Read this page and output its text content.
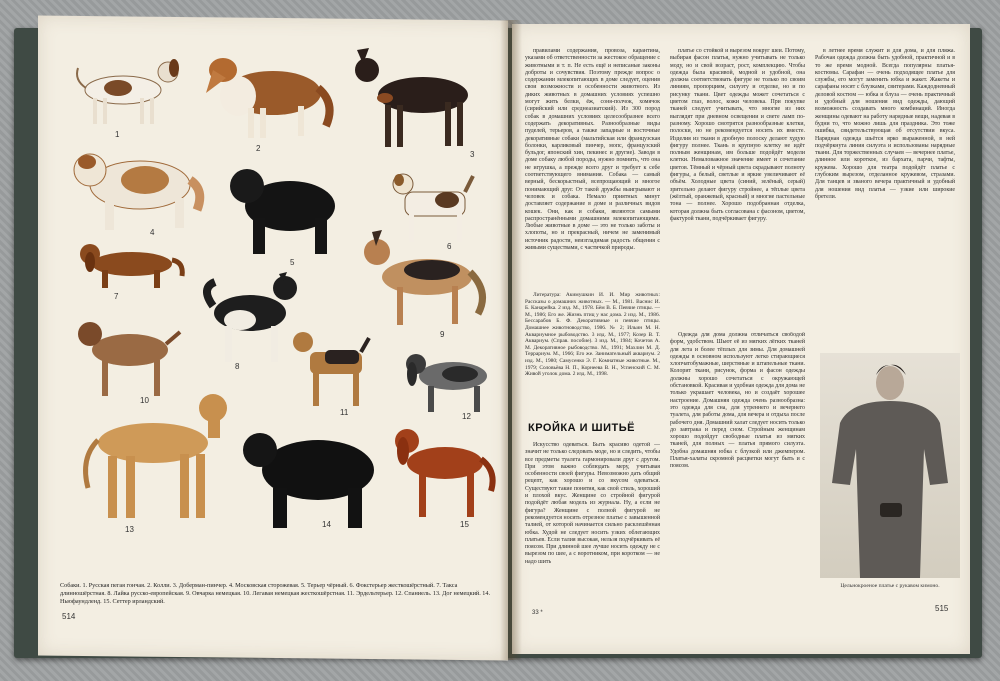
1
2
3
4
5
6
7
8
9
10
11	12
13
14	15
Собаки. 1. Русская пегая гончая. 2. Колли. 3. Доберман-пинчер. 4. Московская сторожевая. 5. Терьер чёрный. 6. Фокстерьер жесткошёрстный. 7. Такса длинношёрстная. 8. Лайка русско-европейская. 9. Овчарка немецкая. 10. Легавая немецкая жесткошёрстная. 11. Эрдельтерьер. 12. Спаниель. 13. Дог немецкий. 14. Ньюфаундленд. 15. Сеттер ирландский.
514

правилами содержания, провоза, карантина, указами об ответственности за жестокое обращение с животными и т. п. Не есть ещё и неписаные законы доброты и сочувствия. Поэтому прежде вопрос о содержании млекопитающих в доме следует, оценив свои возможности и особенности животного. Из диких животных в домашних условиях успешно могут жить белки, ёж, соня-полчок, хомячок (сирийский или среднеазиатский). Из 300 пород собак в домашних условиях целесообразнее всего содержать декоративных. Разнообразные виды пуделей, терьеров, а также западные и восточные декоративные собаки (мальтийская или французская болонки, карликовый пинчер, мопс, французский бульдог, японский хин, пекинес и другие). Заводя в доме собаку любой породы, нужно помнить, что она не игрушка, а прежде всего друг и требует к себе соответствующего внимания. Собака — самый верный, бескорыстный, всепрощающий и многое понимающий друг. От такой дружбы выигрывают и человек и собака. Немало приятных минут доставляет содержание в доме и различных видов кошек. Они, как и собаки, являются самыми распространёнными домашними млекопитающими. Любые животные в доме — это не только заботы и хлопоты, но и прекрасный, ничем не заменимый источник радости, неизгладимая радость общения с живыми существами, с частичкой природы.

Литература: Акимушкин И. И. Мир животных: Рассказы о домашних животных. — М., 1981. Васнис И. Б. Канарейка. 2 изд. М., 1978. Бём В. Б. Певчие птицы. — М., 1986; Его же. Жизнь птиц у нас дома. 2 изд. М., 1986. Бессарабов Б. Ф. Декоративные и певчие птицы. Домашнее животноводство, 1986. № 2; Ильин М. Н. Аквариумное рыбоводство. 3 изд. М., 1977; Козер В. Т. Аквариум. (Справ. пособие). 3 изд. М., 1984; Кочетов А. М. Декоративное рыбоводство. М., 1991; Махлин М. Д. Террариум. М., 1966; Его же. Занимательный аквариум. 2 изд. М., 1980; Самусенко Э. Г. Комнатные животные. М., 1979; Соловьёва Н. П., Корнеева В. Н., Успенский С. М. Живой уголок дома. 2 изд. М., 1998.

КРОЙКА И ШИТЬЁ

Искусство одеваться. Быть красиво одетой — значит не только следовать моде, но и следить, чтобы все предметы туалета гармонировали друг с другом. При этом важно соблюдать меру, учитывая особенности своей фигуры. Невозможно дать общий рецепт, как хорошо и со вкусом одеваться. Существуют такие понятия, как свой стиль, хороший и плохой вкус. Женщине со стройной фигурой подойдёт любая модель из журнала. Ну, а если не фигура? Женщине с полной фигурой не рекомендуется носить отрезное платье с завышенной талией, от которой начинается сильно расклешённая юбка. Худой не следует носить узких облегающих платьев. Если талия высокая, нельзя подчёркивать её поясом. При длинной шее лучше носить одежду не с вырезом по шее, а с воротником, при коротком — не надо шить

платье со стойкой и вырезом вокруг шеи. Потому, выбирая фасон платья, нужно учитывать не только моду, но и свой возраст, рост, комплекцию. Чтобы одежда была красивой, модной и удобной, она должна соответствовать фигуре не только по своим линиям, пропорциям, силуэту и отделке, но и по рисунку ткани. Цвет одежды может сочетаться с цветом глаз, волос, кожи человека. При покупке тканей следует учитывать, что многие из них выглядят при дневном освещении и свете ламп по-разному. Хорошо смотрятся разнообразные клетки, полоски, но не рекомендуется носить их вместе. Изделия из ткани в дробную полоску делают худую фигуру полнее. Ткань в крупную клетку не идёт полным женщинам, им больше подойдёт модели клетки. Немаловажное значение имеет и сочетание цветов. Тёмный и чёрный цвета скрадывают полноту фигуры, а белый, светлые и яркие увеличивают её объём. Холодные цвета (синий, зелёный, серый) зрительно делают фигуру стройнее, а тёплые цвета (жёлтый, оранжевый, красный) и многие пастельные тона — полнее. Хорошо подобранная отделка, которая должна быть согласована с фасоном, цветом, фактурой ткани, подчёркивает фигуру.

Одежда для дома должна отличаться свободой форм, удобством. Шьют её из мягких лёгких тканей для лета и более тёплых для зимы. Для домашней одежды в основном используют легко стирающиеся хлопчатобумажные, шерстяные и штапельные ткани. Колорит ткани, рисунок, форма и фасон одежды должны хорошо сочетаться с окружающей обстановкой. Красивая и удобная одежда для дома не только украшает человека, но и создаёт хорошее настроение. Домашняя одежда очень разнообразна: это одежда для сна, для утреннего и вечернего туалета, для работы дома, для вечера и отдыха после рабочего дня. Домашний халат следует носить только до завтрака и перед сном. Стройным женщинам хорошо подойдут свободные платья из мягких тканей, для полных — платья прямого силуэта. Удобна домашняя юбка с блузкой или джемпером. Платья-халаты скромной расцветки могут быть и с поясом.

в летнее время служит и для дома, и для пляжа. Рабочая одежда должна быть удобной, практичной и в то же время модной. Всегда популярны платья-костюмы. Сарафан — очень подходящее платье для службы, его могут заменить юбка и жакет. Жакеты и сарафаны носят с блузками, свитерами. Каждодневный деловой костюм — юбка и блуза — очень практичный и удобный для ношения вид одежды, дающий возможность создавать много комбинаций. Иногда женщины одевают на работу нарядные вещи, надевая в будни то, что можно лишь для праздника. Это тоже ошибка, свидетельствующая об отсутствии вкуса. Нарядная одежда шьётся ярко выраженной, в ней подчёркнута линия силуэта и использованы нарядные ткани. Для торжественных случаев — вечернее платье, длинное или короткое, из бархата, парчи, тафты, кружева. Хорошо для театра подойдёт платье с глубоким вырезом, отделанное кружевом, стразами. Для танцев и званого вечера практичный и удобный для ношения вид платья — узкие или широкие бретели.

Цельнокроеное платье с рукавом кимоно.
33 *	515
